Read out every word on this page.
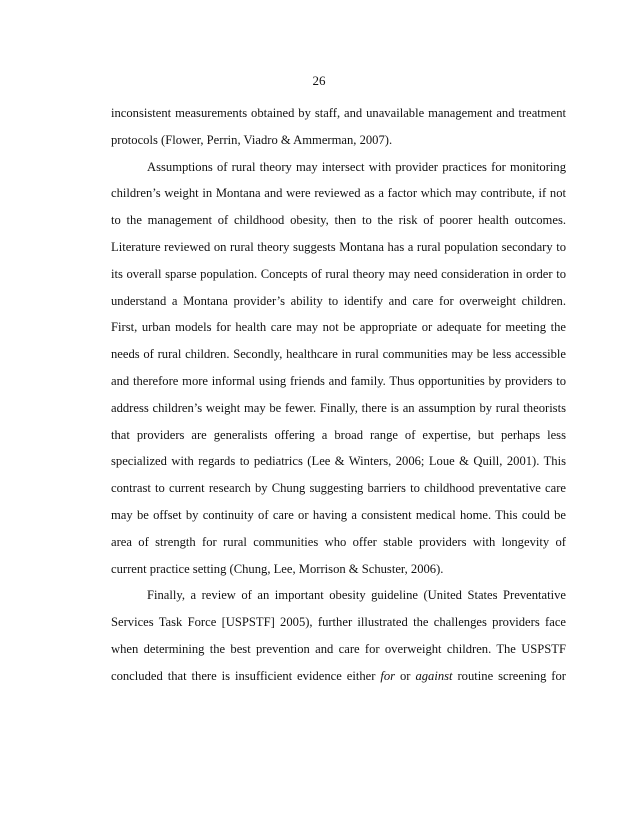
26
inconsistent measurements obtained by staff, and unavailable management and treatment
protocols (Flower, Perrin, Viadro & Ammerman, 2007).
Assumptions of rural theory may intersect with provider practices for monitoring
children’s weight in Montana and were reviewed as a factor which may contribute, if not
to the management of childhood obesity, then to the risk of poorer health outcomes.
Literature reviewed on rural theory suggests Montana has a rural population secondary to
its overall sparse population. Concepts of rural theory may need consideration in order to
understand a Montana provider’s ability to identify and care for overweight children.
First, urban models for health care may not be appropriate or adequate for meeting the
needs of rural children. Secondly, healthcare in rural communities may be less accessible
and therefore more informal using friends and family. Thus opportunities by providers to
address children’s weight may be fewer. Finally, there is an assumption by rural theorists
that providers are generalists offering a broad range of expertise, but perhaps less
specialized with regards to pediatrics (Lee & Winters, 2006; Loue & Quill, 2001). This
contrast to current research by Chung suggesting barriers to childhood preventative care
may be offset by continuity of care or having a consistent medical home. This could be
area of strength for rural communities who offer stable providers with longevity of
current practice setting (Chung, Lee, Morrison & Schuster, 2006).
Finally, a review of an important obesity guideline (United States Preventative
Services Task Force [USPSTF] 2005), further illustrated the challenges providers face
when determining the best prevention and care for overweight children. The USPSTF
concluded that there is insufficient evidence either for or against routine screening for
